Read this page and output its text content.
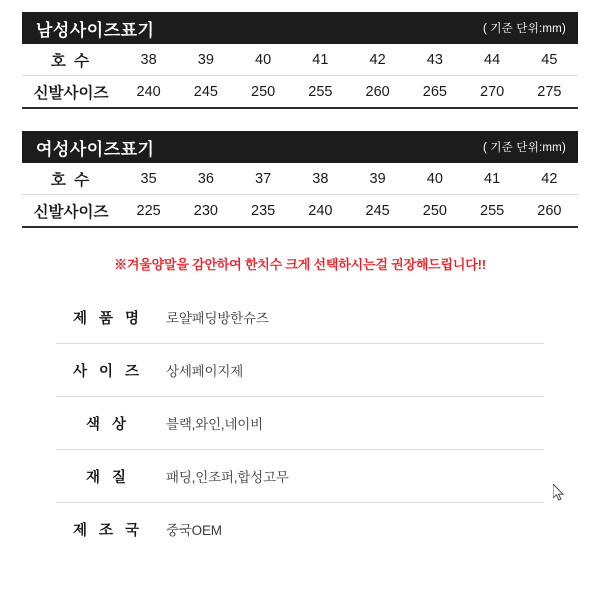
남성사이즈표기	( 기준 단위:mm)
호 수	38	39	40	41	42	43	44	45
신발사이즈	240	245	250	255	260	265	270	275
여성사이즈표기	( 기준 단위:mm)
호 수	35	36	37	38	39	40	41	42
신발사이즈	225	230	235	240	245	250	255	260
※겨울양말을 감안하여 한치수 크게 선택하시는걸 권장해드립니다!!
제 품 명	로얄패딩방한슈즈
사 이 즈	상세페이지제
색 상	블랙,와인,네이비
재 질	패딩,인조퍼,합성고무
제 조 국	중국OEM
